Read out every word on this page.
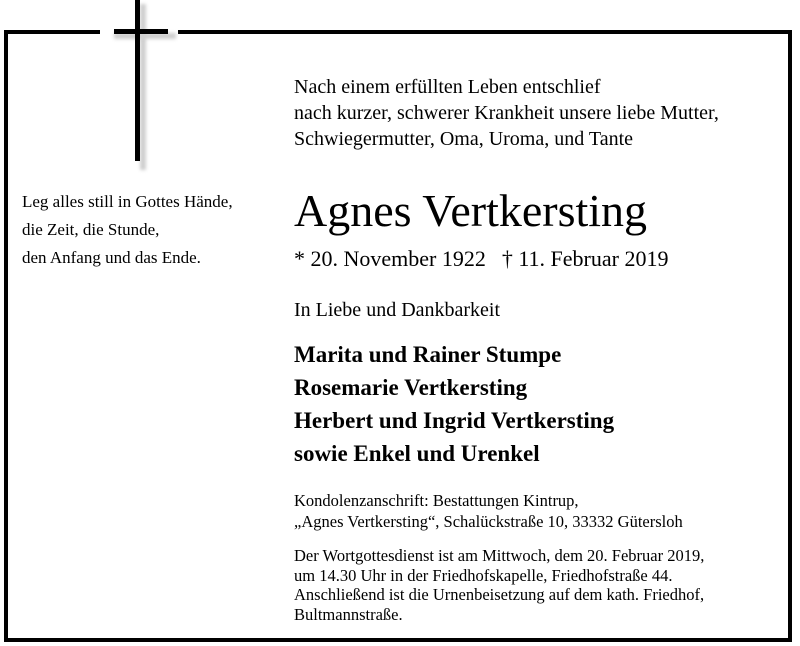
Nach einem erfüllten Leben entschlief
nach kurzer, schwerer Krankheit unsere liebe Mutter,
Schwiegermutter, Oma, Uroma, und Tante
Leg alles still in Gottes Hände,
die Zeit, die Stunde,
den Anfang und das Ende.
Agnes Vertkersting
* 20. November 1922 † 11. Februar 2019
In Liebe und Dankbarkeit
Marita und Rainer Stumpe
Rosemarie Vertkersting
Herbert und Ingrid Vertkersting
sowie Enkel und Urenkel
Kondolenzanschrift: Bestattungen Kintrup,
„Agnes Vertkersting“, Schalückstraße 10, 33332 Gütersloh
Der Wortgottesdienst ist am Mittwoch, dem 20. Februar 2019,
um 14.30 Uhr in der Friedhofskapelle, Friedhofstraße 44.
Anschließend ist die Urnenbeisetzung auf dem kath. Friedhof,
Bultmannstraße.
